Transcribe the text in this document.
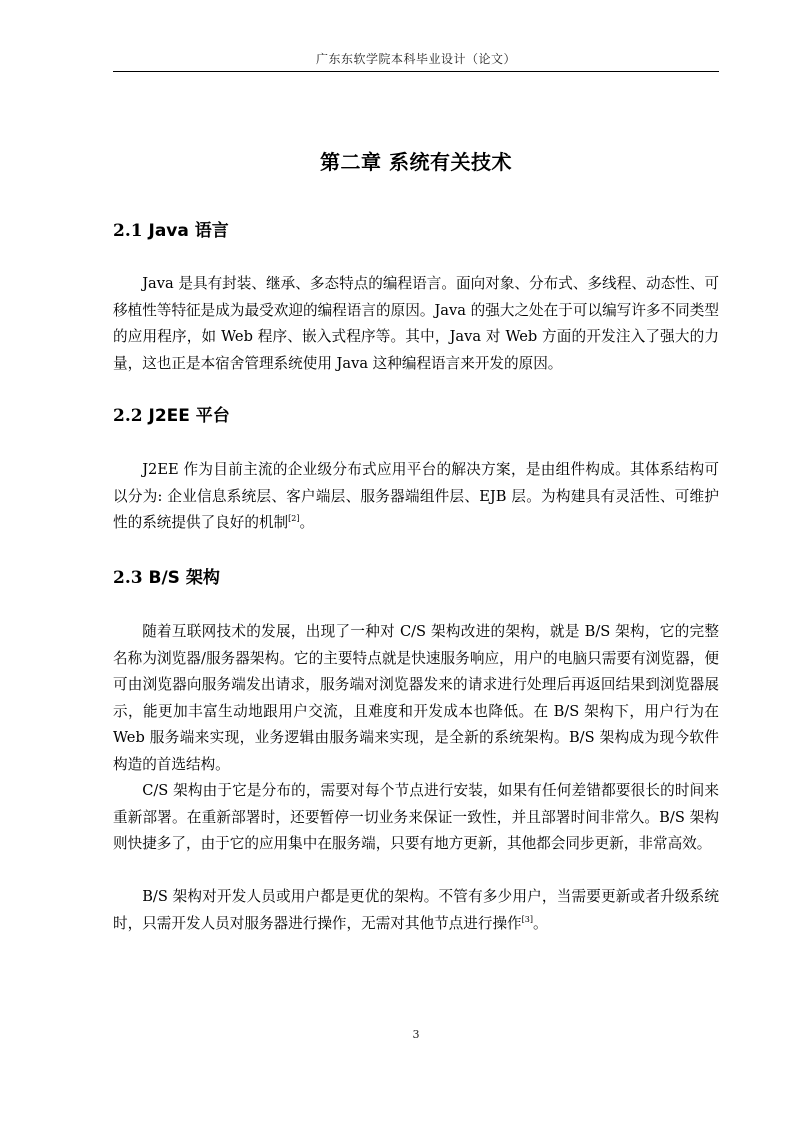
广东东软学院本科毕业设计（论文）
第二章 系统有关技术
2.1 Java 语言

Java 是具有封装、继承、多态特点的编程语言。面向对象、分布式、多线程、动态性、可移植性等特征是成为最受欢迎的编程语言的原因。Java 的强大之处在于可以编写许多不同类型的应用程序，如 Web 程序、嵌入式程序等。其中，Java 对 Web 方面的开发注入了强大的力量，这也正是本宿舍管理系统使用 Java 这种编程语言来开发的原因。

2.2 J2EE 平台

J2EE 作为目前主流的企业级分布式应用平台的解决方案，是由组件构成。其体系结构可以分为: 企业信息系统层、客户端层、服务器端组件层、EJB 层。为构建具有灵活性、可维护性的系统提供了良好的机制[2]。

2.3 B/S 架构

随着互联网技术的发展，出现了一种对 C/S 架构改进的架构，就是 B/S 架构，它的完整名称为浏览器/服务器架构。它的主要特点就是快速服务响应，用户的电脑只需要有浏览器，便可由浏览器向服务端发出请求，服务端对浏览器发来的请求进行处理后再返回结果到浏览器展示，能更加丰富生动地跟用户交流，且难度和开发成本也降低。在 B/S 架构下，用户行为在 Web 服务端来实现，业务逻辑由服务端来实现，是全新的系统架构。B/S 架构成为现今软件构造的首选结构。

C/S 架构由于它是分布的，需要对每个节点进行安装，如果有任何差错都要很长的时间来重新部署。在重新部署时，还要暂停一切业务来保证一致性，并且部署时间非常久。B/S 架构则快捷多了，由于它的应用集中在服务端，只要有地方更新，其他都会同步更新，非常高效。

B/S 架构对开发人员或用户都是更优的架构。不管有多少用户，当需要更新或者升级系统时，只需开发人员对服务器进行操作，无需对其他节点进行操作[3]。

3
